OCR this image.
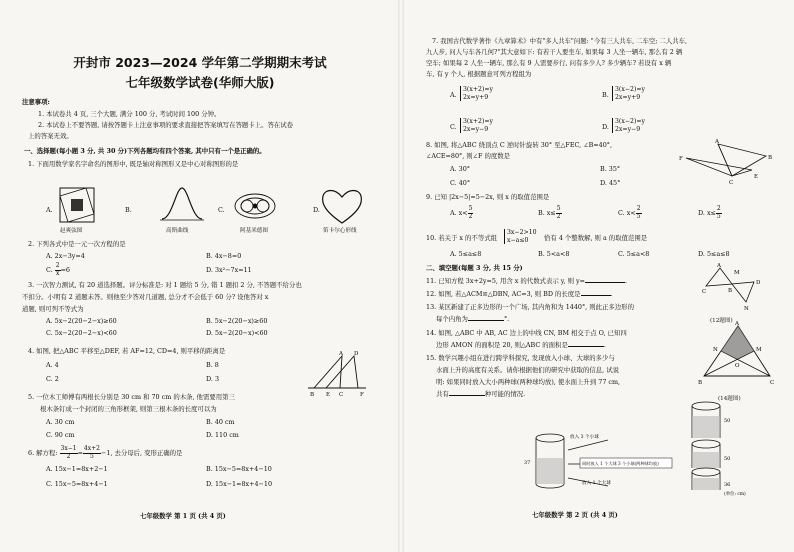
开封市 2023—2024 学年第二学期期末考试
七年级数学试卷(华师大版)
注意事项:
1. 本试卷共 4 页, 三个大题, 满分 100 分, 考试时间 100 分钟。
2. 本试卷上不要答题, 请按答题卡上注意事项的要求直接把答案填写在答题卡上。答在试卷
上的答案无效。
一、选择题(每小题 3 分, 共 30 分)下列各题均有四个答案, 其中只有一个是正确的。
1. 下面用数学家名字命名的图形中, 既是轴对称图形又是中心对称图形的是
A.
赵爽弦图
B.
高斯曲线
C.
阿基米德图
D.
笛卡尔心形线
2. 下列各式中是一元一次方程的是
A. 2x−3y=4	B. 4x−8=0
C. $\frac{2}{x} =6$	D. 3x²−7x=11
3. 一次智力测试, 有 20 道选择题。评分标准是: 对 1 题给 5 分, 错 1 题扣 2 分, 不答题不给分也
不扣分。小明有 2 道题未答。则他至少答对几道题, 总分才不会低于 60 分? 设他答对 x
道题, 则可列不等式为
A. 5x−2(20−2−x)≥60	B. 5x−2(20−x)≥60
C. 5x−2(20−2−x)<60	D. 5x−2(20−x)<60
4. 如图, 把△ABC 平移至△DEF, 若 AF=12, CD=4, 则平移的距离是
A. 4	B. 8
C. 2	D. 3
A D
B E C	F
5. 一位木工师傅有两根长分别是 30 cm 和 70 cm 的木条, 他需要用第三
根木条钉成一个封闭的三角形框架, 则第三根木条的长度可以为
A. 30 cm	B. 40 cm
C. 90 cm	D. 110 cm
6. 解方程: $\frac{3x-1}{2} = \frac{4x+2}{5} -1$, 去分母后, 变形正确的是
A. 15x−1=8x+2−1	B. 15x−5=8x+4−10
C. 15x−5=8x+4−1	D. 15x−1=8x+4−10
七年级数学 第 1 页 (共 4 页)
7. 我国古代数学著作《九章算术》中有"多人共车"问题: "今有三人共车, 二车空; 二人共车,
九人步, 问人与车各几何?"其大意如下: 有若干人要坐车, 如果每 3 人坐一辆车, 那么有 2 辆
空车; 如果每 2 人坐一辆车, 那么有 9 人需要步行, 问有多少人? 多少辆车? 若设有 x 辆
车, 有 y 个人, 根据题意可列方程组为
A.
3(x+2)=y
2x=y+9	B.
3(x−2)=y
2x=y+9
C.
3(x+2)=y
2x=y−9	D.
3(x−2)=y
2x=y−9
8. 如图, 将△ABC 绕顶点 C 逆时针旋转 30° 至△FEC, ∠B=40°,
∠ACE=80°, 则∠F 的度数是
A. 30°	B. 35°
C. 40°	D. 45°
F
A
E
B
C
9. 已知 |2x−5|=5−2x, 则 x 的取值范围是
A. $x< \frac{5}{2}$	B. $x\le \frac{5}{2}$	C. $x< \frac{2}{5}$	D. $x\le \frac{2}{5}$
10. 若关于 x 的不等式组
3x−2>10
x−a≤0	恰有 4 个整数解, 则 a 的取值范围是
A. 5≤a≤8	B. 5<a<8	C. 5≤a<8	D. 5≤a≤8
二、填空题(每题 3 分, 共 15 分)
11. 已知方程 3x+2y=5, 用含 x 的代数式表示 y, 则 y=	.
12. 如图, 若△ACM≌△DBN, AC=3, 则 BD 的长度是	.
A
M
B
C
D
N
(12题图)
13. 某区新建了正多边形的一个广场, 其内角和为 1440°, 则此正多边形的
每个内角为	°.
14. 如图, △ABC 中 AB, AC 边上的中线 CN, BM 相交于点 O, 已知四
边形 AMON 的面积是 20, 则△ABC 的面积是	.
A
N	M
O
B	C
(14题图)
15. 数学兴趣小组在进行跨学科探究, 发现放入小球、大球的多少与
水面上升的高度有关系。请你根据他们的研究中获取的信息, 试说
明: 如果同时放入大小两种球(两种球均放), 使水面上升到 77 cm,
共有	种可能的情况.
37
放入 3 个小球
同时放入 1 个大球 3 个小球(两种球均放)
放入 1 个大球
50
50
36
(单位: cm)
七年级数学 第 2 页 (共 4 页)
